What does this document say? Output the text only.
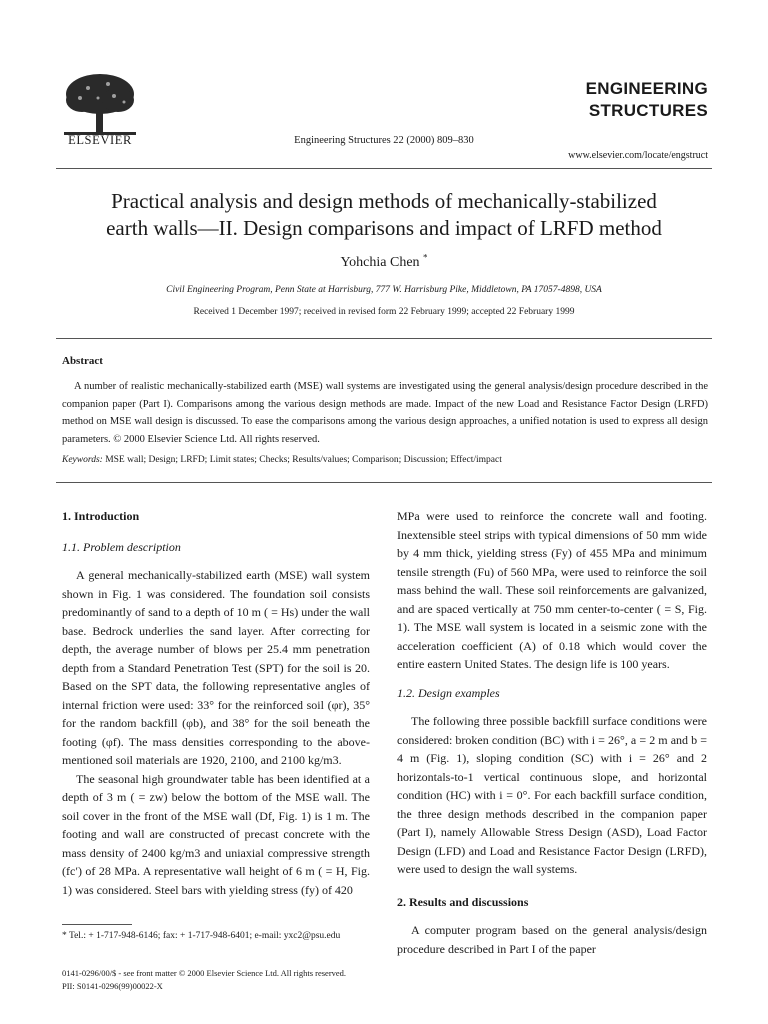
ELSEVIER	Engineering Structures 22 (2000) 809–830
ENGINEERING
STRUCTURES
www.elsevier.com/locate/engstruct
Practical analysis and design methods of mechanically-stabilized
earth walls—II. Design comparisons and impact of LRFD method
Yohchia Chen *
Civil Engineering Program, Penn State at Harrisburg, 777 W. Harrisburg Pike, Middletown, PA 17057-4898, USA
Received 1 December 1997; received in revised form 22 February 1999; accepted 22 February 1999
Abstract
A number of realistic mechanically-stabilized earth (MSE) wall systems are investigated using the general analysis/design procedure described in the companion paper (Part I). Comparisons among the various design methods are made. Impact of the new Load and Resistance Factor Design (LRFD) method on MSE wall design is discussed. To ease the comparisons among the various design approaches, a unified notation is used to express all design parameters. © 2000 Elsevier Science Ltd. All rights reserved.
Keywords: MSE wall; Design; LRFD; Limit states; Checks; Results/values; Comparison; Discussion; Effect/impact
1. Introduction
1.1. Problem description

A general mechanically-stabilized earth (MSE) wall system shown in Fig. 1 was considered. The foundation soil consists predominantly of sand to a depth of 10 m ( = Hs) under the wall base. Bedrock underlies the sand layer. After correcting for depth, the average number of blows per 25.4 mm penetration depth from a Standard Penetration Test (SPT) for the soil is 20. Based on the SPT data, the following representative angles of internal friction were used: 33° for the reinforced soil (φr), 35° for the random backfill (φb), and 38° for the soil beneath the footing (φf). The mass densities corresponding to the above-mentioned soil materials are 1920, 2100, and 2100 kg/m3.

The seasonal high groundwater table has been identified at a depth of 3 m ( = zw) below the bottom of the MSE wall. The soil cover in the front of the MSE wall (Df, Fig. 1) is 1 m. The footing and wall are constructed of precast concrete with the mass density of 2400 kg/m3 and uniaxial compressive strength (fc′) of 28 MPa. A representative wall height of 6 m ( = H, Fig. 1) was considered. Steel bars with yielding stress (fy) of 420

MPa were used to reinforce the concrete wall and footing. Inextensible steel strips with typical dimensions of 50 mm wide by 4 mm thick, yielding stress (Fy) of 455 MPa and minimum tensile strength (Fu) of 560 MPa, were used to reinforce the soil mass behind the wall. These soil reinforcements are galvanized, and are spaced vertically at 750 mm center-to-center ( = S, Fig. 1). The MSE wall system is located in a seismic zone with the acceleration coefficient (A) of 0.18 which would cover the entire eastern United States. The design life is 100 years.

1.2. Design examples

The following three possible backfill surface conditions were considered: broken condition (BC) with i = 26°, a = 2 m and b = 4 m (Fig. 1), sloping condition (SC) with i = 26° and 2 horizontals-to-1 vertical continuous slope, and horizontal condition (HC) with i = 0°. For each backfill surface condition, the three design methods described in the companion paper (Part I), namely Allowable Stress Design (ASD), Load Factor Design (LFD) and Load and Resistance Factor Design (LRFD), were used to design the wall systems.

2. Results and discussions

A computer program based on the general analysis/design procedure described in Part I of the paper

* Tel.: + 1-717-948-6146; fax: + 1-717-948-6401; e-mail: yxc2@psu.edu
0141-0296/00/$ - see front matter © 2000 Elsevier Science Ltd. All rights reserved.
PII: S0141-0296(99)00022-X
